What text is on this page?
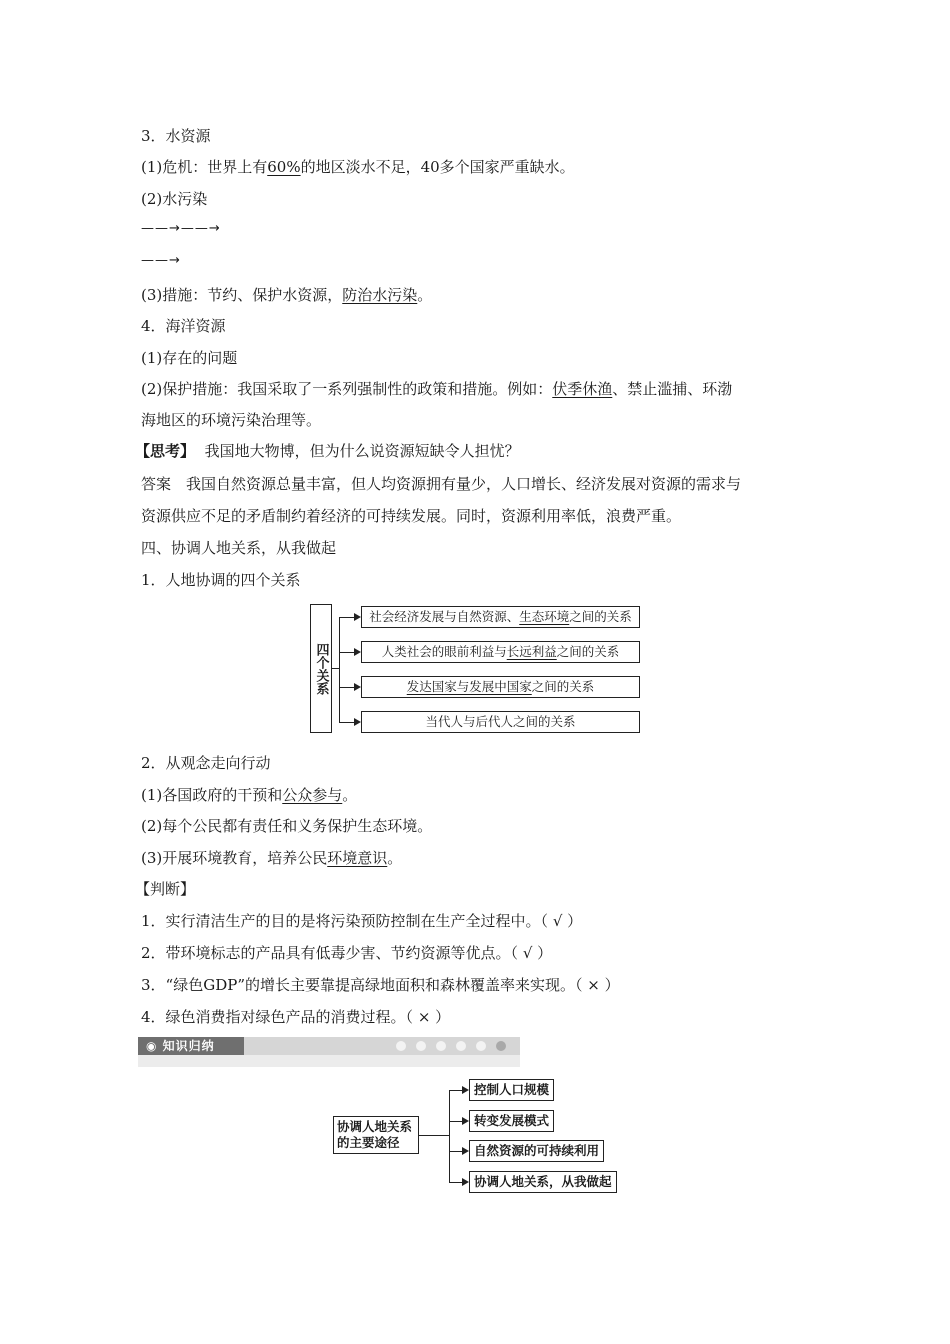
3．水资源
(1)危机：世界上有60%的地区淡水不足，40多个国家严重缺水。
(2)水污染
——→——→
——→
(3)措施：节约、保护水资源，防治水污染。
4．海洋资源
(1)存在的问题
(2)保护措施：我国采取了一系列强制性的政策和措施。例如：伏季休渔、禁止滥捕、环渤
海地区的环境污染治理等。
【思考】 我国地大物博，但为什么说资源短缺令人担忧？
答案　我国自然资源总量丰富，但人均资源拥有量少，人口增长、经济发展对资源的需求与
资源供应不足的矛盾制约着经济的可持续发展。同时，资源利用率低，浪费严重。
四、协调人地关系，从我做起
1．人地协调的四个关系
四个关系
社会经济发展与自然资源、生态环境之间的关系
人类社会的眼前利益与长远利益之间的关系
发达国家与发展中国家之间的关系
当代人与后代人之间的关系
2．从观念走向行动
(1)各国政府的干预和公众参与。
(2)每个公民都有责任和义务保护生态环境。
(3)开展环境教育，培养公民环境意识。
【判断】
1．实行清洁生产的目的是将污染预防控制在生产全过程中。（ √ ）
2．带环境标志的产品具有低毒少害、节约资源等优点。（ √ ）
3．“绿色GDP”的增长主要靠提高绿地面积和森林覆盖率来实现。（ × ）
4．绿色消费指对绿色产品的消费过程。（ × ）
◉ 知识归纳
协调人地关系的主要途径
控制人口规模
转变发展模式
自然资源的可持续利用
协调人地关系，从我做起
